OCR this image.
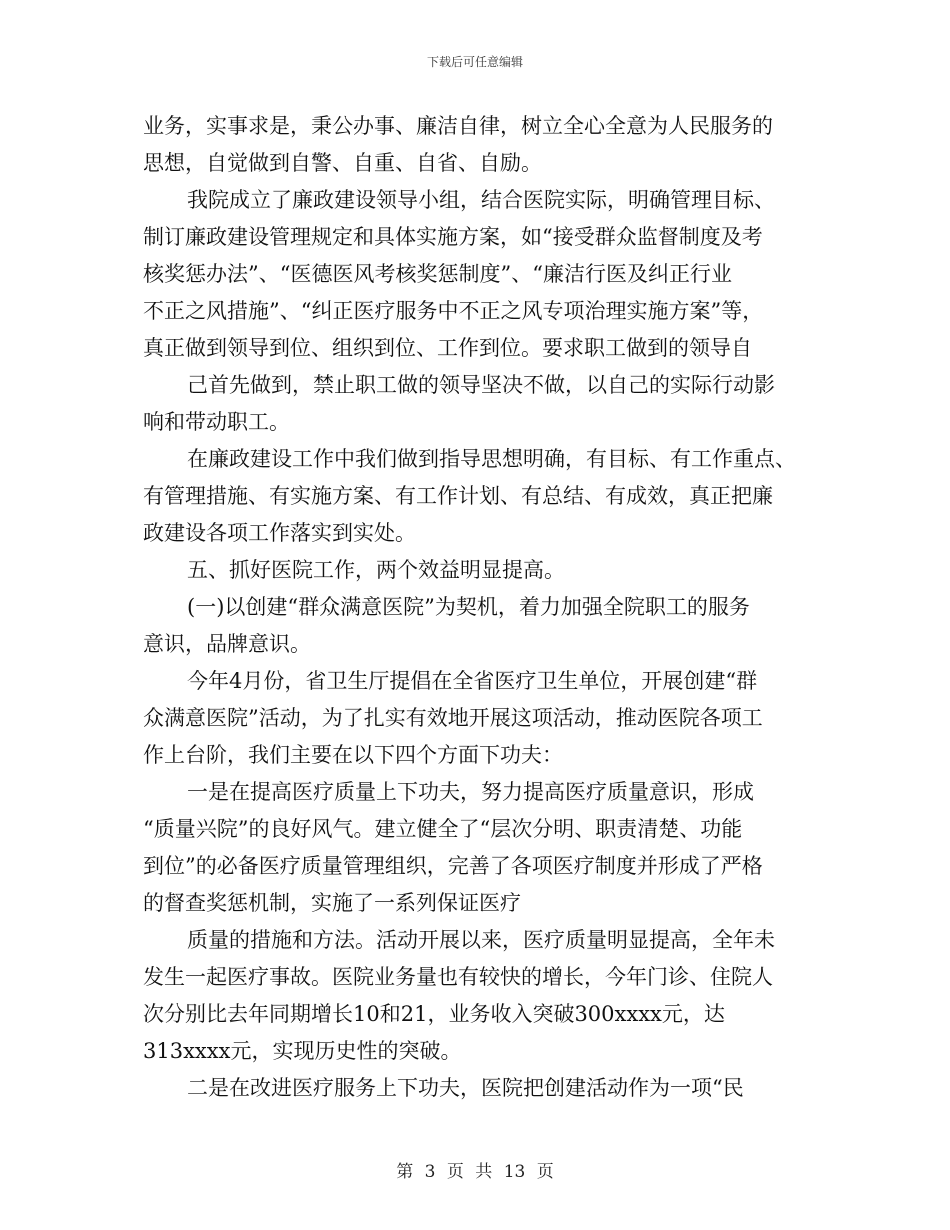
下载后可任意编辑
业务，实事求是，秉公办事、廉洁自律，树立全心全意为人民服务的
思想，自觉做到自警、自重、自省、自励。
我院成立了廉政建设领导小组，结合医院实际，明确管理目标、
制订廉政建设管理规定和具体实施方案，如“接受群众监督制度及考
核奖惩办法”、“医德医风考核奖惩制度”、“廉洁行医及纠正行业
不正之风措施”、“纠正医疗服务中不正之风专项治理实施方案”等，
真正做到领导到位、组织到位、工作到位。要求职工做到的领导自
己首先做到，禁止职工做的领导坚决不做，以自己的实际行动影
响和带动职工。
在廉政建设工作中我们做到指导思想明确，有目标、有工作重点、
有管理措施、有实施方案、有工作计划、有总结、有成效，真正把廉
政建设各项工作落实到实处。
五、抓好医院工作，两个效益明显提高。
(一)以创建“群众满意医院”为契机，着力加强全院职工的服务
意识，品牌意识。
今年4月份，省卫生厅提倡在全省医疗卫生单位，开展创建“群
众满意医院”活动，为了扎实有效地开展这项活动，推动医院各项工
作上台阶，我们主要在以下四个方面下功夫：
一是在提高医疗质量上下功夫，努力提高医疗质量意识，形成
“质量兴院”的良好风气。建立健全了“层次分明、职责清楚、功能
到位”的必备医疗质量管理组织，完善了各项医疗制度并形成了严格
的督查奖惩机制，实施了一系列保证医疗
质量的措施和方法。活动开展以来，医疗质量明显提高，全年未
发生一起医疗事故。医院业务量也有较快的增长，今年门诊、住院人
次分别比去年同期增长10和21，业务收入突破300xxxx元，达
313xxxx元，实现历史性的突破。
二是在改进医疗服务上下功夫，医院把创建活动作为一项“民
第 3 页 共 13 页
